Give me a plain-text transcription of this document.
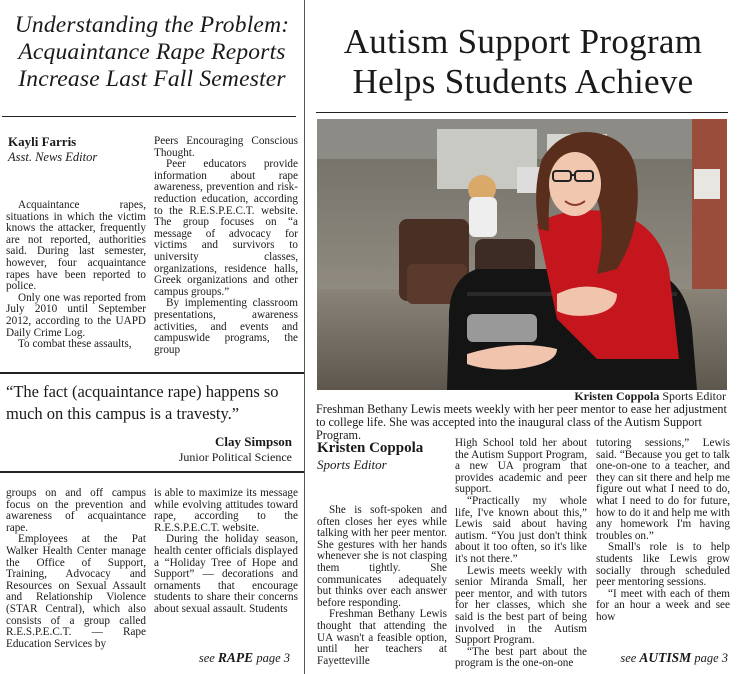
Understanding the Problem:
Acquaintance Rape Reports
Increase Last Fall Semester
Kayli Farris
Asst. News Editor

Acquaintance rapes, situations in which the victim knows the attacker, frequently are not reported, authorities said. During last semester, however, four acquaintance rapes have been reported to police.

Only one was reported from July 2010 until September 2012, according to the UAPD Daily Crime Log.

To combat these assaults,

Peers Encouraging Conscious Thought.

Peer educators provide information about rape awareness, prevention and risk-reduction education, according to the R.E.S.P.E.C.T. website. The group focuses on “a message of advocacy for victims and survivors to university classes, organizations, residence halls, Greek organizations and other campus groups.”

By implementing classroom presentations, awareness activities, and events and campuswide programs, the group

“The fact (acquaintance rape) happens so much on this campus is a travesty.”
Clay Simpson
Junior Political Science

groups on and off campus focus on the prevention and awareness of acquaintance rape.

Employees at the Pat Walker Health Center manage the Office of Support, Training, Advocacy and Resources on Sexual Assault and Relationship Violence (STAR Central), which also consists of a group called R.E.S.P.E.C.T. — Rape Education Services by

is able to maximize its message while evolving attitudes toward rape, according to the R.E.S.P.E.C.T. website.

During the holiday season, health center officials displayed a “Holiday Tree of Hope and Support” — decorations and ornaments that encourage students to share their concerns about sexual assault. Students

see RAPE page 3
Autism Support Program
Helps Students Achieve
Kristen Coppola Sports Editor
Freshman Bethany Lewis meets weekly with her peer mentor to ease her adjustment to college life. She was accepted into the inaugural class of the Autism Support Program.
Kristen Coppola
Sports Editor

She is soft-spoken and often closes her eyes while talking with her peer mentor. She gestures with her hands whenever she is not clasping them tightly. She communicates adequately but thinks over each answer before responding.

Freshman Bethany Lewis thought that attending the UA wasn't a feasible option, until her teachers at Fayetteville

High School told her about the Autism Support Program, a new UA program that provides academic and peer support.

“Practically my whole life, I've known about this,” Lewis said about having autism. “You just don't think about it too often, so it's like it's not there.”

Lewis meets weekly with senior Miranda Small, her peer mentor, and with tutors for her classes, which she said is the best part of being involved in the Autism Support Program.

“The best part about the program is the one-on-one

tutoring sessions,” Lewis said. “Because you get to talk one-on-one to a teacher, and they can sit there and help me figure out what I need to do, what I need to do for future, how to do it and help me with any homework I'm having troubles on.”

Small's role is to help students like Lewis grow socially through scheduled peer mentoring sessions.

“I meet with each of them for an hour a week and see how

see AUTISM page 3
